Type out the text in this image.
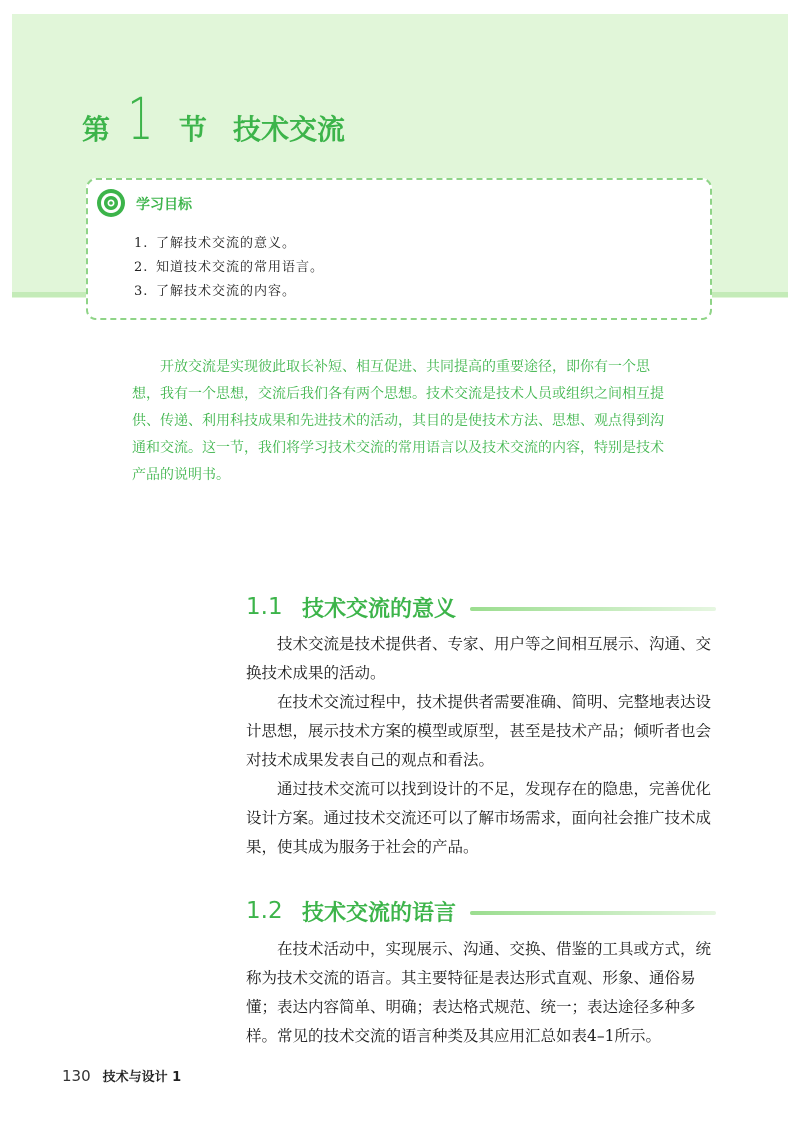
第 1 节 技术交流
学习目标
1. 了解技术交流的意义。
2. 知道技术交流的常用语言。
3. 了解技术交流的内容。

开放交流是实现彼此取长补短、相互促进、共同提高的重要途径，即你有一个思想，我有一个思想，交流后我们各有两个思想。技术交流是技术人员或组织之间相互提供、传递、利用科技成果和先进技术的活动，其目的是使技术方法、思想、观点得到沟通和交流。这一节，我们将学习技术交流的常用语言以及技术交流的内容，特别是技术产品的说明书。

1.1 技术交流的意义

技术交流是技术提供者、专家、用户等之间相互展示、沟通、交换技术成果的活动。

在技术交流过程中，技术提供者需要准确、简明、完整地表达设计思想，展示技术方案的模型或原型，甚至是技术产品；倾听者也会对技术成果发表自己的观点和看法。

通过技术交流可以找到设计的不足，发现存在的隐患，完善优化设计方案。通过技术交流还可以了解市场需求，面向社会推广技术成果，使其成为服务于社会的产品。

1.2 技术交流的语言

在技术活动中，实现展示、沟通、交换、借鉴的工具或方式，统称为技术交流的语言。其主要特征是表达形式直观、形象、通俗易懂；表达内容简单、明确；表达格式规范、统一；表达途径多种多样。常见的技术交流的语言种类及其应用汇总如表4–1所示。

130 技术与设计 1
